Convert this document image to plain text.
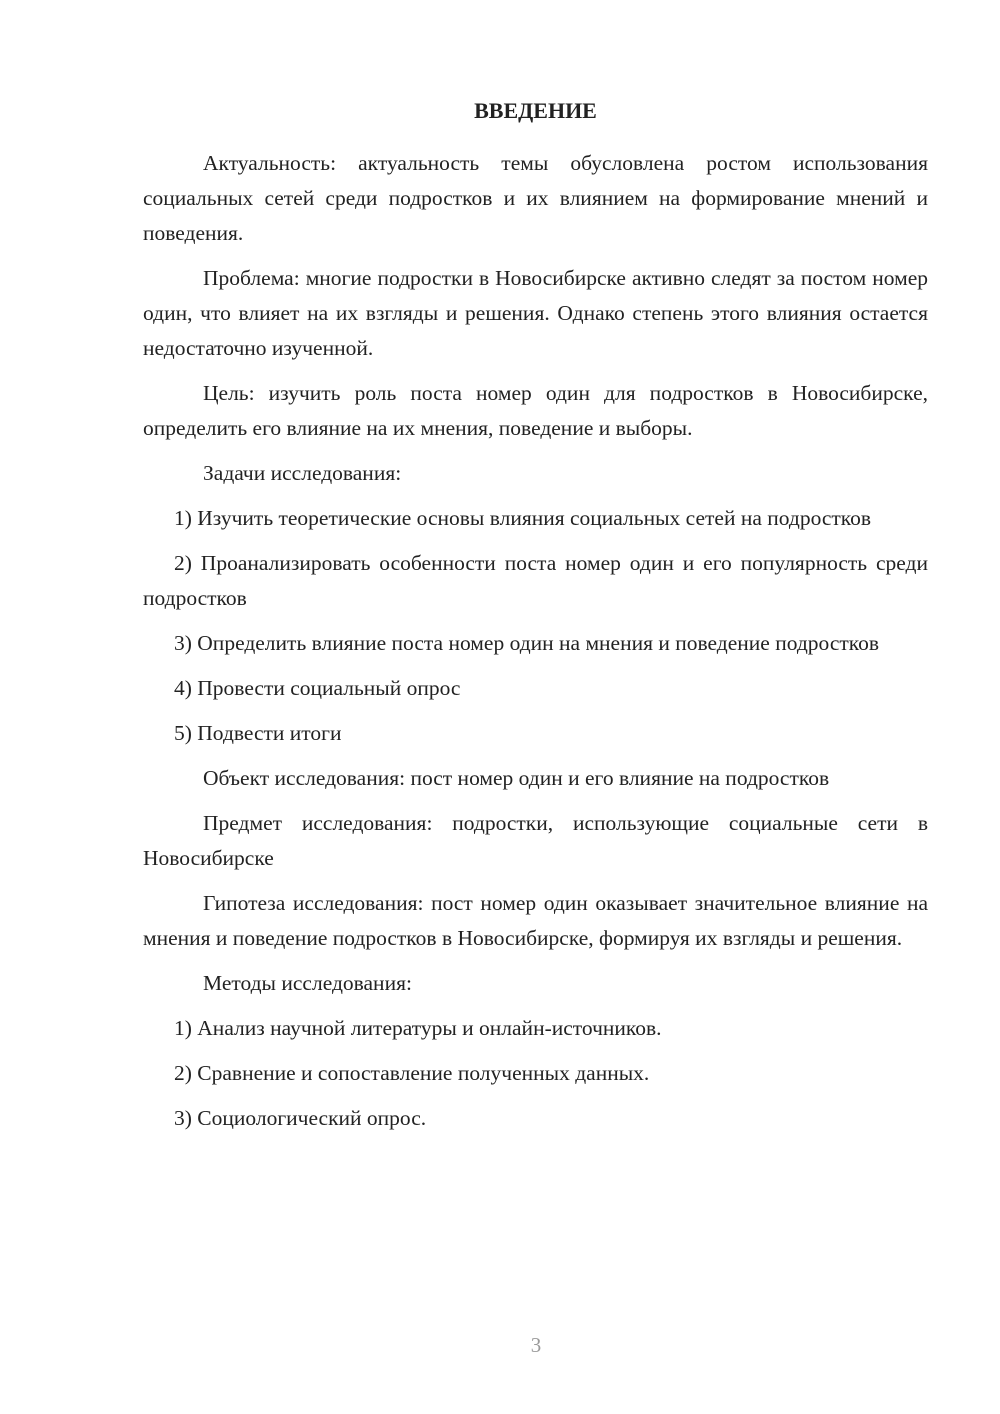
ВВЕДЕНИЕ

Актуальность: актуальность темы обусловлена ростом использования социальных сетей среди подростков и их влиянием на формирование мнений и поведения.

Проблема: многие подростки в Новосибирске активно следят за постом номер один, что влияет на их взгляды и решения. Однако степень этого влияния остается недостаточно изученной.

Цель: изучить роль поста номер один для подростков в Новосибирске, определить его влияние на их мнения, поведение и выборы.

Задачи исследования:

1) Изучить теоретические основы влияния социальных сетей на подростков

2) Проанализировать особенности поста номер один и его популярность среди подростков

3) Определить влияние поста номер один на мнения и поведение подростков

4) Провести социальный опрос

5) Подвести итоги

Объект исследования: пост номер один и его влияние на подростков

Предмет исследования: подростки, использующие социальные сети в Новосибирске

Гипотеза исследования: пост номер один оказывает значительное влияние на мнения и поведение подростков в Новосибирске, формируя их взгляды и решения.

Методы исследования:

1) Анализ научной литературы и онлайн-источников.

2) Сравнение и сопоставление полученных данных.

3) Социологический опрос.

3
